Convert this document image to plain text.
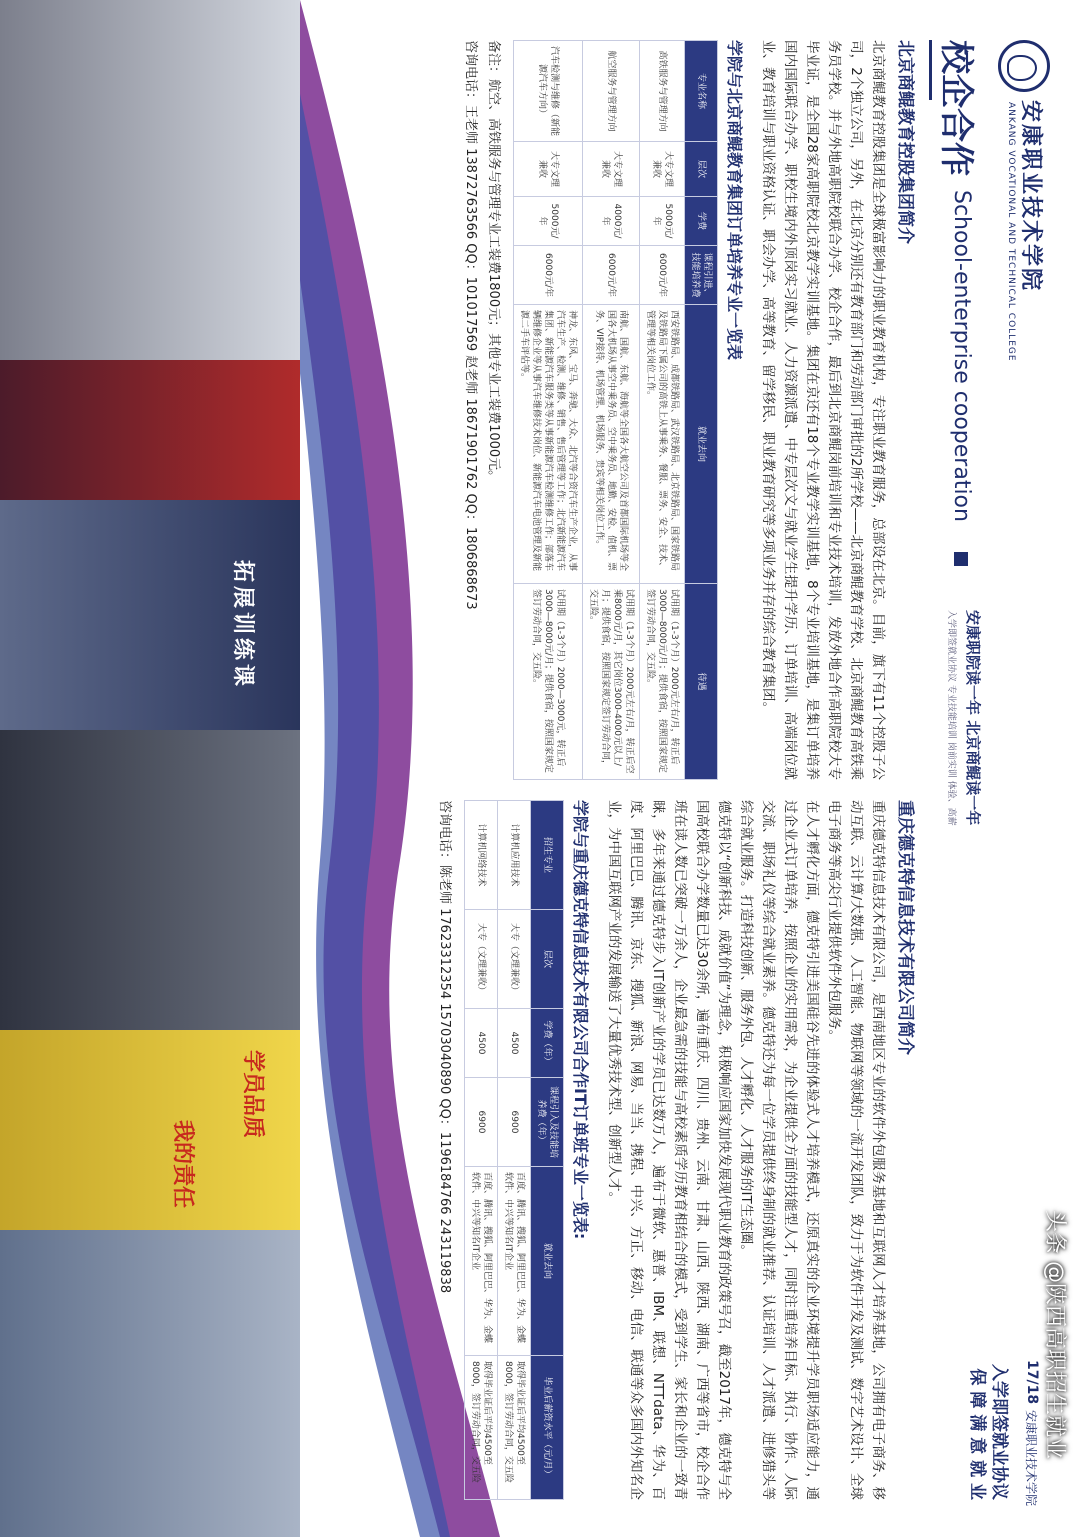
拓展训练课
学员品质
我的责任
安康职业技术学院
ANKANG VOCATIONAL AND TECHNICAL COLLEGE
校企合作
School-enterprise cooperation
安康职院读一年 北京商鲲读一年
入学即签就业协议 专业技能培训 岗前实训 体验、高薪
北京商鲲教育控股集团简介
北京商鲲教育控股集团是全球极富影响力的职业教育机构，专注职业教育服务，总部设在北京。目前，旗下有11个控股子公司，2个独立公司，另外，在北京分别还有教育部门和劳动部门审批的2所学校——北京商鲲教育学校、北京商鲲教育高铁乘务员学校。并与外地高职院校联合办学、校企合作，最后到北京商鲲岗前培训和专业技术培训，发放外地合作高职院校大专毕业证，是全国28家高职院校北京教学实训基地。集团在京还有18个专业教学实训基地，8个专业培训基地，是集订单培养国内国际联合办学、职校生境内外顶岗实习就业、人力资源派遣、中专层次文与就业学生提升学历、订单培训、高端岗位就业、教育培训与职业资格认证、职会办学、高等教育、留学移民、职业教育研究等多项业务并存的综合教育集团。
学院与北京商鲲教育集团订单培养专业一览表
专业名称	层次	学费	课程引进、技能培养费	就业去向	待遇
高铁服务与管理方向	大专文理兼收	5000元/年	6000元/年	西安铁路局、成都铁路局、武汉铁路局、北京铁路局、国家铁路局及铁路局下属公司的高铁上从事乘务、餐服、票务、安全、技术、管理等相关岗位工作。	试用期（1-3个月）2000元左右/月，转正后3000—8000元/月；提供食宿，按照国家规定签订劳动合同，交五险。
航空服务与管理方向	大专文理兼收	4000元/年	6000元/年	南航、国航、东航、海航等全国各大航空公司及首都国际机场等全国各大机场从事空中乘务员、空中乘务员、地勤、安检、值机、票务、VIP接待、机场管理、机场服务、贵宾等相关岗位工作。	试用期（1-3个月）2000元左右/月，转正后空乘8000元/月，其它岗位3000-4000元以上/月；提供食宿，按照国家规定签订劳动合同，交五险。
汽车检测与维修（新能源汽车方向）	大专文理兼收	5000元/年	6000元/年	神龙、东风、宝马、奔驰、大众、北汽等合资汽车生产企业，从事汽车生产、检测、维修、销售、售后管理等工作；北汽新能源汽车集团、新能源汽车服务类等从事新能源汽车检测维修工作；部落车辆维修企业等从事汽车维修技术岗位、新能源汽车电池管理及新能源二手车评估等。	试用期（1-3个月）2000—3000元，转正后3000—8000元/月；提供食宿，按照国家规定签订劳动合同，交五险。
备注：航空、高铁服务与管理专业工装费1800元；其他专业工装费1000元。
咨询电话：王老师 13872763566 QQ：101017569 赵老师 18671901762 QQ：1806868673
安康职业技术学院
17/18
入学即签就业协议
保 障 满 意 就 业
重庆德克特信息技术有限公司简介
重庆德克特信息技术有限公司，是西南地区专业的软件外包服务基地和互联网人才培养基地，公司拥有电子商务、移动互联、云计算/大数据、人工智能、物联网等领域的一流开发团队，致力于为软件开发及测试、数字艺术设计、全球电子商务等高尖行业提供软件外包服务。
在人才孵化方面，德克特引进美国硅谷先进的体验式人才培养模式，还原真实的企业环境提升学员职场适应能力，通过企业式订单培养，按照企业的实用需求，为企业提供全方面的技能型人才，同时注重培养目标、执行、协作、人际交流、职场礼仪等综合就业素养。德克特还为每一位学员提供终身制的就业推荐、认证培训、人才派遣、进修猎头等综合就业服务。打造科技创新、服务外包、人才孵化、人才服务的IT生态圈。
德克特以“创新科技、成就价值”为理念，积极响应国家加快发展现代职业教育的政策号召，截至2017年，德克特与全国高校联合办学数量已达30余所，遍布重庆、四川、贵州、云南、甘肃、山西、陕西、湖南、广西等省市，校企合作班在读人数已突破一万余人，企业最急需的技能与高校素质学历教育相结合的模式，受到学生、家长和企业的一致青睐，多年来通过德克特步入IT创新产业的学员已达数万人，遍布于微软、惠普、IBM、联想、NTTdata、华为、百度、阿里巴巴、腾讯、京东、搜狐、新浪、网易、当当、携程、中兴、方正、移动、电信、联通等众多国内外知名企业，为中国互联网产业的发展输送了大量优秀技术型、创新型人才。
学院与重庆德克特信息技术有限公司合作IT订单班专业一览表:
招生专业	层次	学费（年）	课程引入及技能培养费（年）	就业去向	毕业后薪资水平（元/月）
计算机应用技术	大专（文理兼收）	4500	6900	百度、腾讯、搜狐、阿里巴巴、华为、金蝶软件、中兴等知名IT企业	取得毕业证后平均4500至8000，签订劳动合同，交五险
计算机网络技术	大专（文理兼收）	4500	6900	百度、腾讯、搜狐、阿里巴巴、华为、金蝶软件、中兴等知名IT企业	取得毕业证后平均4500至8000，签订劳动合同，交五险
咨询电话：陈老师 17623312354 15703040890 QQ：1196184766 243119838
头条 @陕西高职招生就业
